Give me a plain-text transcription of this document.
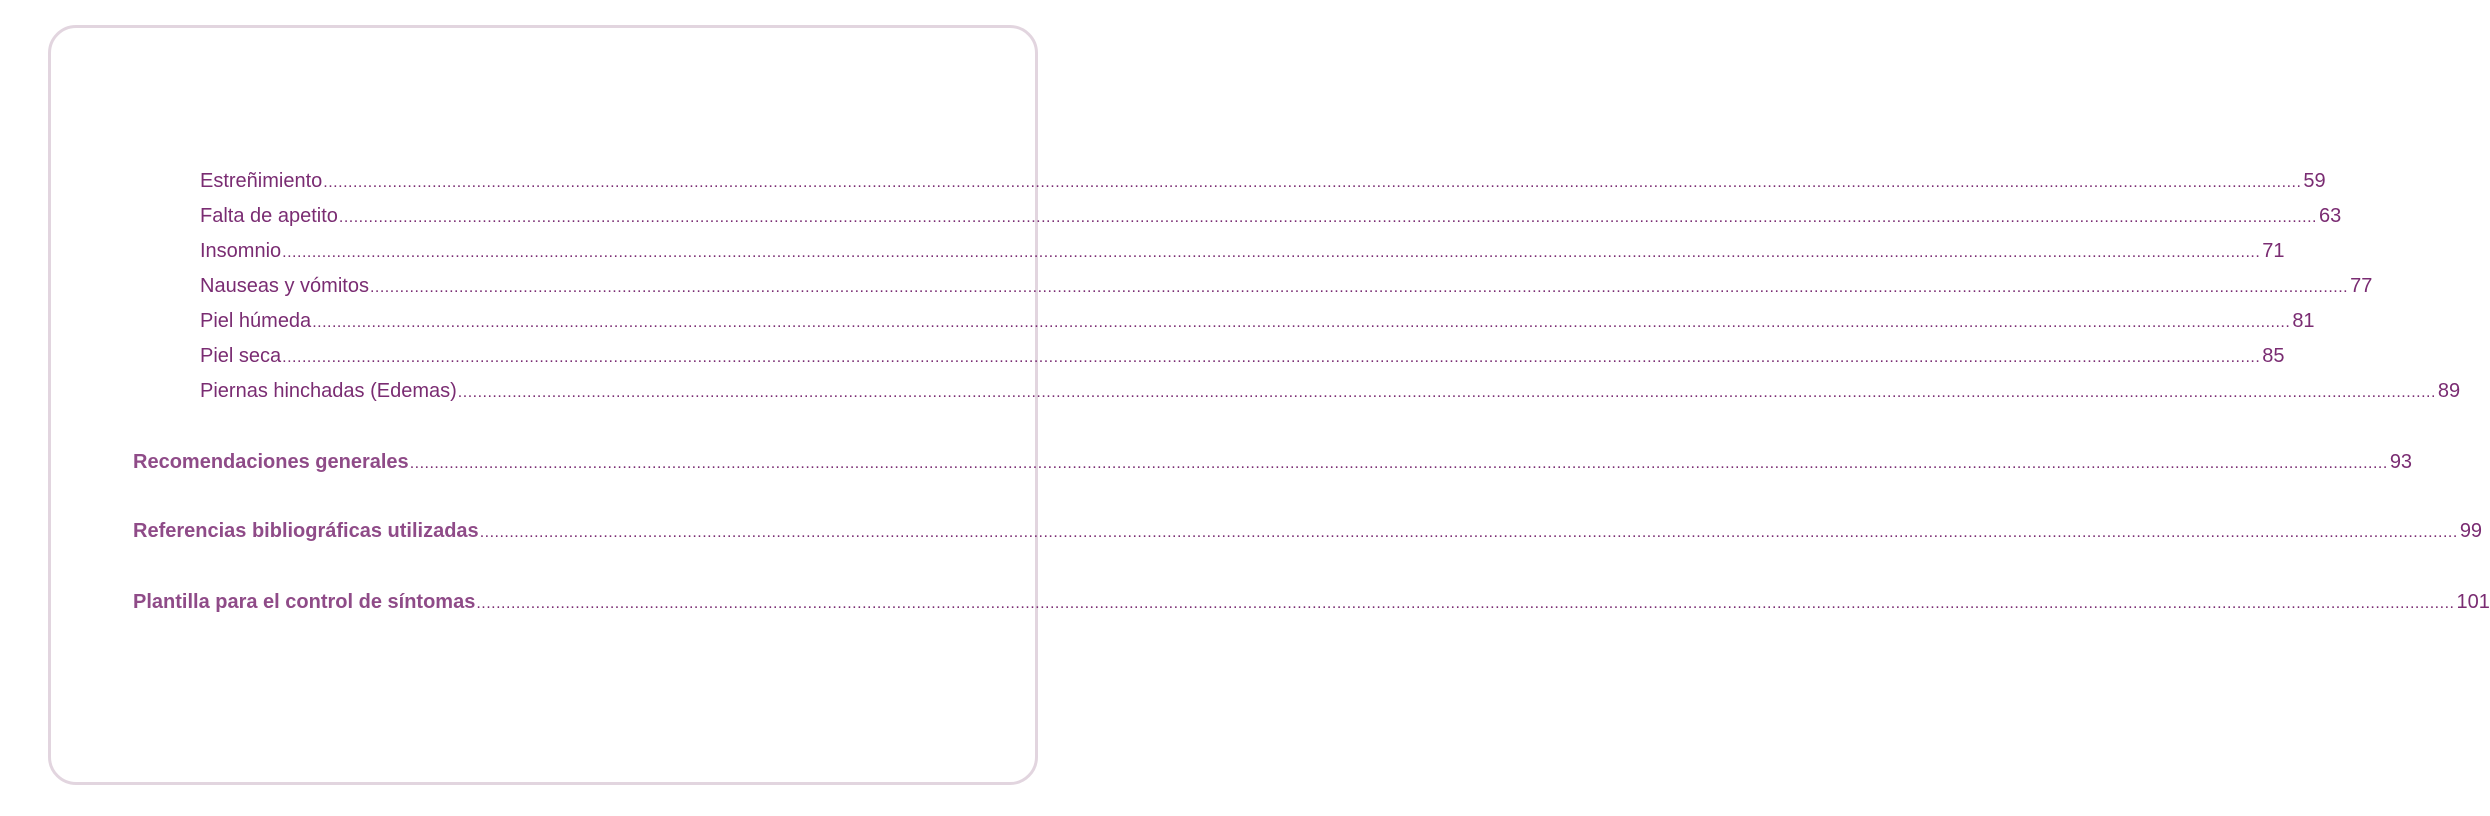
Estreñimiento ................................................................................................................................................................................................................................................................................................................................................................................................................ 59
Falta de apetito ................................................................................................................................................................................................................................................................................................................................................................................................................ 63
Insomnio ................................................................................................................................................................................................................................................................................................................................................................................................................ 71
Nauseas y vómitos ................................................................................................................................................................................................................................................................................................................................................................................................................ 77
Piel húmeda ................................................................................................................................................................................................................................................................................................................................................................................................................ 81
Piel seca ................................................................................................................................................................................................................................................................................................................................................................................................................ 85
Piernas hinchadas (Edemas) ................................................................................................................................................................................................................................................................................................................................................................................................................ 89
Recomendaciones generales ................................................................................................................................................................................................................................................................................................................................................................................................................ 93
Referencias bibliográficas utilizadas ................................................................................................................................................................................................................................................................................................................................................................................................................ 99
Plantilla para el control de síntomas ................................................................................................................................................................................................................................................................................................................................................................................................................ 101
